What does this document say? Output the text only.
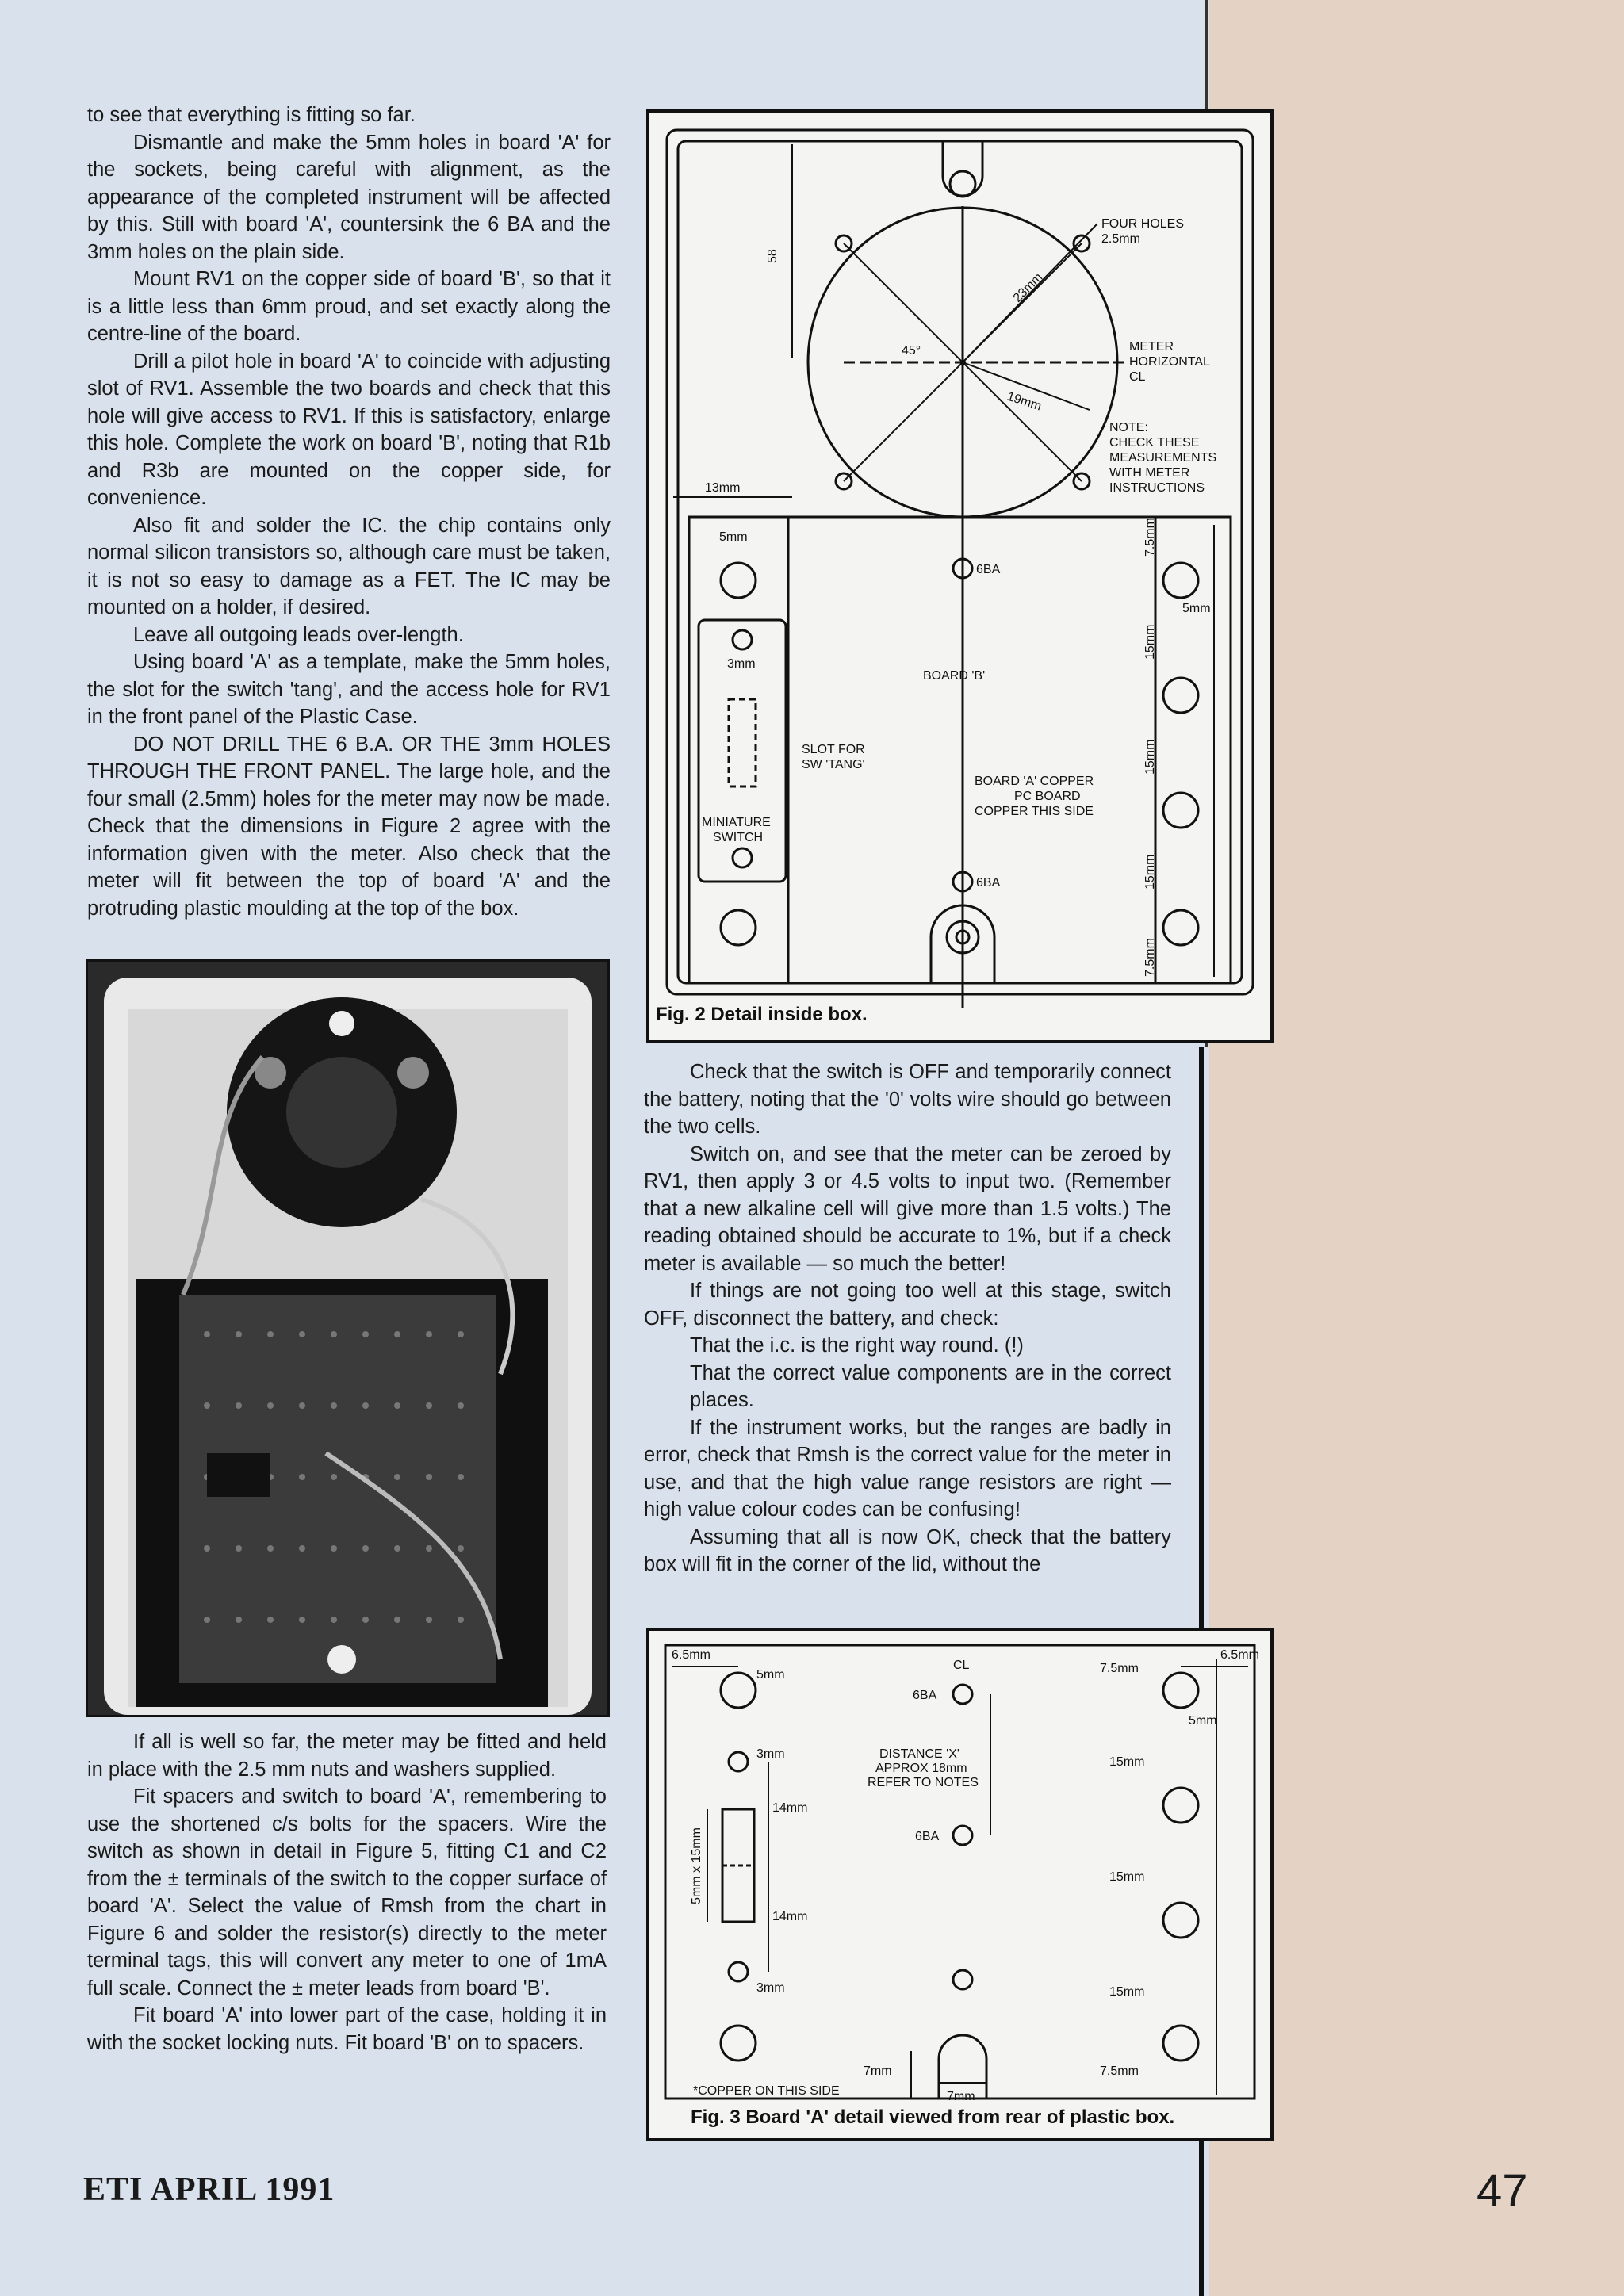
to see that everything is fitting so far.

Dismantle and make the 5mm holes in board 'A' for the sockets, being careful with alignment, as the appearance of the completed instrument will be affected by this. Still with board 'A', countersink the 6 BA and the 3mm holes on the plain side.

Mount RV1 on the copper side of board 'B', so that it is a little less than 6mm proud, and set exactly along the centre-line of the board.

Drill a pilot hole in board 'A' to coincide with adjusting slot of RV1. Assemble the two boards and check that this hole will give access to RV1. If this is satisfactory, enlarge this hole. Complete the work on board 'B', noting that R1b and R3b are mounted on the copper side, for convenience.

Also fit and solder the IC. the chip contains only normal silicon transistors so, although care must be taken, it is not so easy to damage as a FET. The IC may be mounted on a holder, if desired.

Leave all outgoing leads over-length.

Using board 'A' as a template, make the 5mm holes, the slot for the switch 'tang', and the access hole for RV1 in the front panel of the Plastic Case.

DO NOT DRILL THE 6 B.A. OR THE 3mm HOLES THROUGH THE FRONT PANEL. The large hole, and the four small (2.5mm) holes for the meter may now be made. Check that the dimensions in Figure 2 agree with the information given with the meter. Also check that the meter will fit between the top of board 'A' and the protruding plastic moulding at the top of the box.

If all is well so far, the meter may be fitted and held in place with the 2.5 mm nuts and washers supplied.

Fit spacers and switch to board 'A', remembering to use the shortened c/s bolts for the spacers. Wire the switch as shown in detail in Figure 5, fitting C1 and C2 from the ± terminals of the switch to the copper surface of board 'A'. Select the value of Rmsh from the chart in Figure 6 and solder the resistor(s) directly to the meter terminal tags, this will convert any meter to one of 1mA full scale. Connect the ± meter leads from board 'B'.

Fit board 'A' into lower part of the case, holding it in with the socket locking nuts. Fit board 'B' on to spacers.

FOUR HOLES
2.5mm
58
23mm
45°
19mm
METER
HORIZONTAL
CL
NOTE:
CHECK THESE
MEASUREMENTS
WITH METER
INSTRUCTIONS
13mm
5mm
6BA
7.5mm
5mm
3mm
BOARD 'B'
15mm
SLOT FOR
SW 'TANG'	15mm
BOARD 'A' COPPER
PC BOARD
COPPER THIS SIDE
MINIATURE
SWITCH
15mm
6BA
7.5mm
Fig. 2 Detail inside box.

Check that the switch is OFF and temporarily connect the battery, noting that the '0' volts wire should go between the two cells.

Switch on, and see that the meter can be zeroed by RV1, then apply 3 or 4.5 volts to input two. (Remember that a new alkaline cell will give more than 1.5 volts.) The reading obtained should be accurate to 1%, but if a check meter is available — so much the better!

If things are not going too well at this stage, switch OFF, disconnect the battery, and check:

That the i.c. is the right way round. (!)

That the correct value components are in the correct places.

If the instrument works, but the ranges are badly in error, check that Rmsh is the correct value for the meter in use, and that the high value range resistors are right — high value colour codes can be confusing!

Assuming that all is now OK, check that the battery box will fit in the corner of the lid, without the

6.5mm
5mm
CL	7.5mm
6.5mm
6BA
5mm
3mm	DISTANCE 'X'
APPROX 18mm
REFER TO NOTES
15mm
14mm
6BA
5mm x 15mm	15mm
14mm
3mm	15mm
7mm
7mm
*COPPER ON THIS SIDE
7.5mm
Fig. 3 Board 'A' detail viewed from rear of plastic box.
ETI APRIL 1991	47
